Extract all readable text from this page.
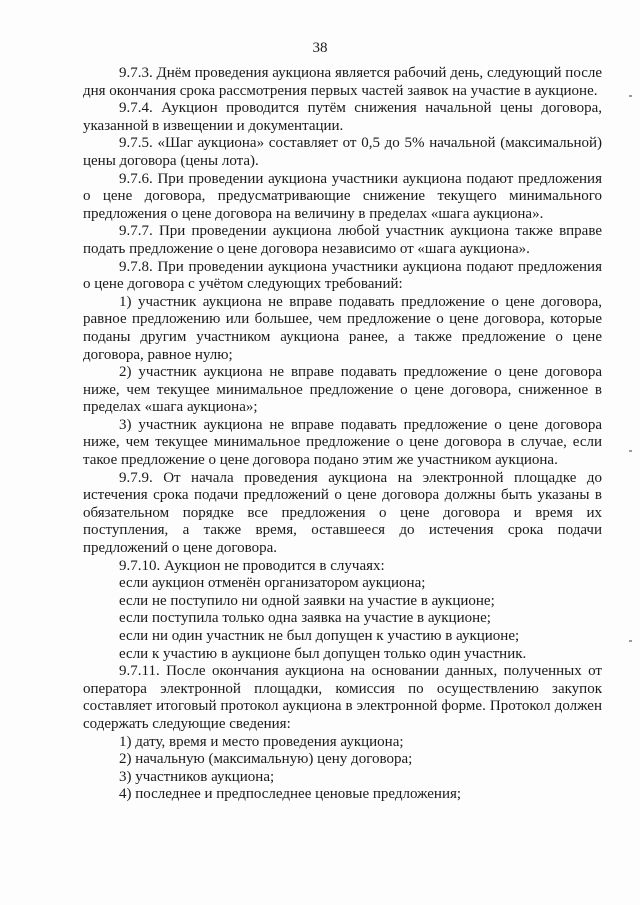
38

9.7.3. Днём проведения аукциона является рабочий день, следующий после дня окончания срока рассмотрения первых частей заявок на участие в аукционе.

9.7.4. Аукцион проводится путём снижения начальной цены договора, указанной в извещении и документации.

9.7.5. «Шаг аукциона» составляет от 0,5 до 5% начальной (максимальной) цены договора (цены лота).

9.7.6. При проведении аукциона участники аукциона подают предложения о цене договора, предусматривающие снижение текущего минимального предложения о цене договора на величину в пределах «шага аукциона».

9.7.7. При проведении аукциона любой участник аукциона также вправе подать предложение о цене договора независимо от «шага аукциона».

9.7.8. При проведении аукциона участники аукциона подают предложения о цене договора с учётом следующих требований:

1) участник аукциона не вправе подавать предложение о цене договора, равное предложению или большее, чем предложение о цене договора, которые поданы другим участником аукциона ранее, а также предложение о цене договора, равное нулю;

2) участник аукциона не вправе подавать предложение о цене договора ниже, чем текущее минимальное предложение о цене договора, сниженное в пределах «шага аукциона»;

3) участник аукциона не вправе подавать предложение о цене договора ниже, чем текущее минимальное предложение о цене договора в случае, если такое предложение о цене договора подано этим же участником аукциона.

9.7.9. От начала проведения аукциона на электронной площадке до истечения срока подачи предложений о цене договора должны быть указаны в обязательном порядке все предложения о цене договора и время их поступления, а также время, оставшееся до истечения срока подачи предложений о цене договора.

9.7.10. Аукцион не проводится в случаях:

если аукцион отменён организатором аукциона;

если не поступило ни одной заявки на участие в аукционе;

если поступила только одна заявка на участие в аукционе;

если ни один участник не был допущен к участию в аукционе;

если к участию в аукционе был допущен только один участник.

9.7.11. После окончания аукциона на основании данных, полученных от оператора электронной площадки, комиссия по осуществлению закупок составляет итоговый протокол аукциона в электронной форме. Протокол должен содержать следующие сведения:

1) дату, время и место проведения аукциона;

2) начальную (максимальную) цену договора;

3) участников аукциона;

4) последнее и предпоследнее ценовые предложения;
